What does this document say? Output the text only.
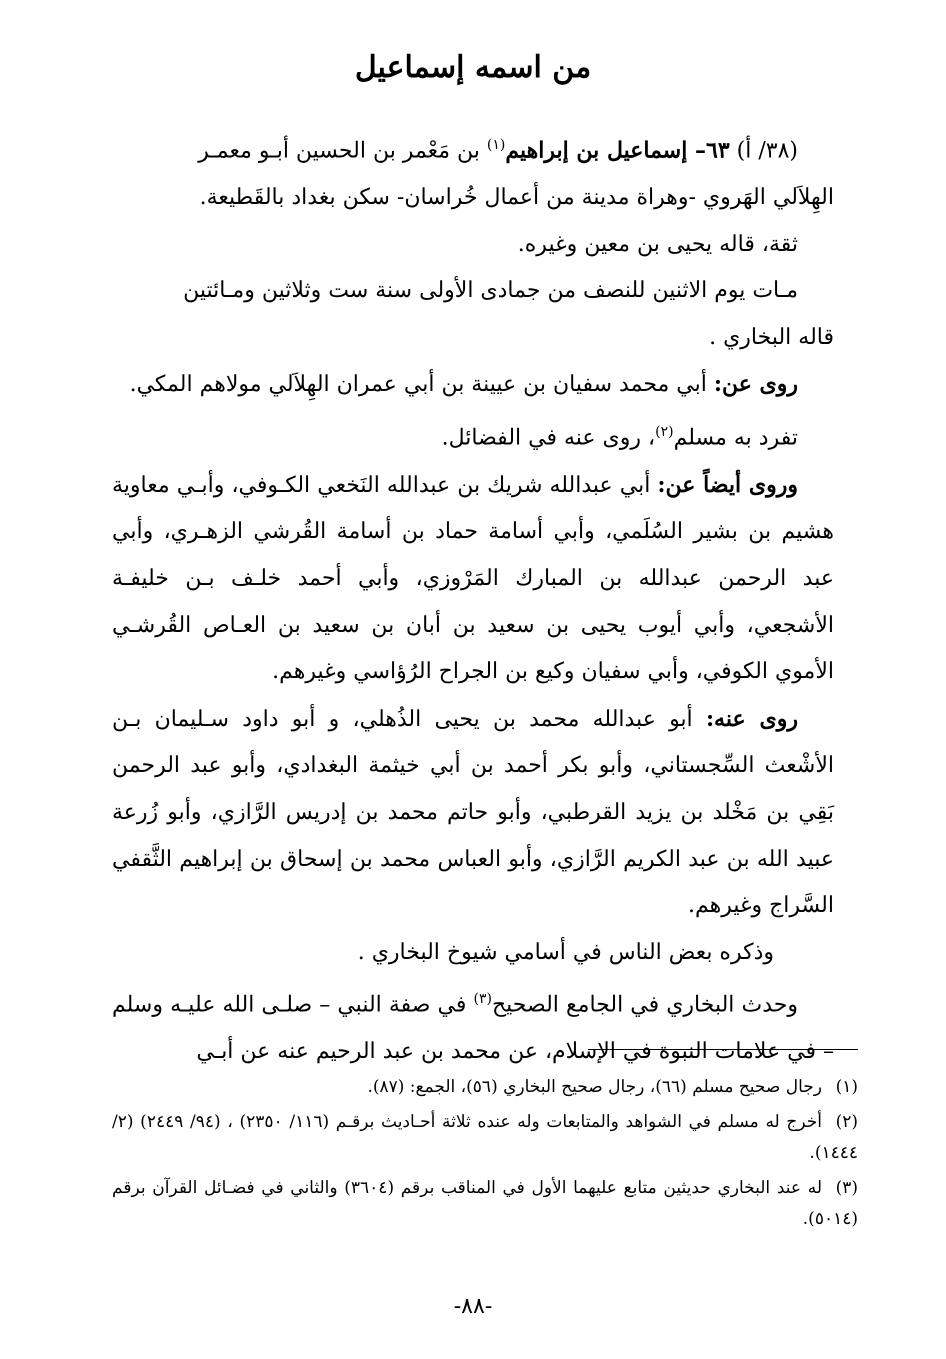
من اسمه إسماعيل

(٣٨/ أ) ٦٣– إسماعيل بن إبراهيم$^{(١)}$ بن مَعْمر بن الحسين أبـو معمـر

الهِلاَلي الهَروي -وهراة مدينة من أعمال خُراسان- سكن بغداد بالقَطيعة.

ثقة، قاله يحيى بن معين وغيره.

مـات يوم الاثنين للنصف من جمادى الأولى سنة ست وثلاثين ومـائتين

قاله البخاري .

روى عن: أبي محمد سفيان بن عيينة بن أبي عمران الهِلاَلي مولاهم المكي.

تفرد به مسلم$^{(٢)}$، روى عنه في الفضائل.

وروى أيضاً عن: أبي عبدالله شريك بن عبدالله النَخعي الكـوفي، وأبـي معاوية هشيم بن بشير السُلَمي، وأبي أسامة حماد بن أسامة القُرشي الزهـري، وأبي عبد الرحمن عبدالله بن المبارك المَرْوزي، وأبي أحمد خلـف بـن خليفـة الأشجعي، وأبي أيوب يحيى بن سعيد بن أبان بن سعيد بن العـاص القُرشـي الأموي الكوفي، وأبي سفيان وكيع بن الجراح الرُؤاسي وغيرهم.

روى عنه: أبو عبدالله محمد بن يحيى الذُهلي، و أبو داود سـليمان بـن الأشْعث السِّجستاني، وأبو بكر أحمد بن أبي خيثمة البغدادي، وأبو عبد الرحمن بَقِي بن مَخْلد بن يزيد القرطبي، وأبو حاتم محمد بن إدريس الرَّازي، وأبو زُرعة عبيد الله بن عبد الكريم الرَّازي، وأبو العباس محمد بن إسحاق بن إبراهيم الثَّقفي السَّراج وغيرهم.

وذكره بعض الناس في أسامي شيوخ البخاري .

وحدث البخاري في الجامع الصحيح$^{(٣)}$ في صفة النبي – صلـى الله عليـه وسلم – في علامات النبوة في الإسلام، عن محمد بن عبد الرحيم عنه عن أبـي

(١)رجال صحيح مسلم (٦٦)، رجال صحيح البخاري (٥٦)، الجمع: (٨٧).

(٢)أخرج له مسلم في الشواهد والمتابعات وله عنده ثلاثة أحـاديث برقـم (١١٦/ ٢٣٥٠) ، (٩٤/ ٢٤٤٩) (٢/ ١٤٤٤).

(٣)له عند البخاري حديثين متابع عليهما الأول في المناقب برقم (٣٦٠٤) والثاني في فضـائل القرآن برقم (٥٠١٤).

-٨٨-
